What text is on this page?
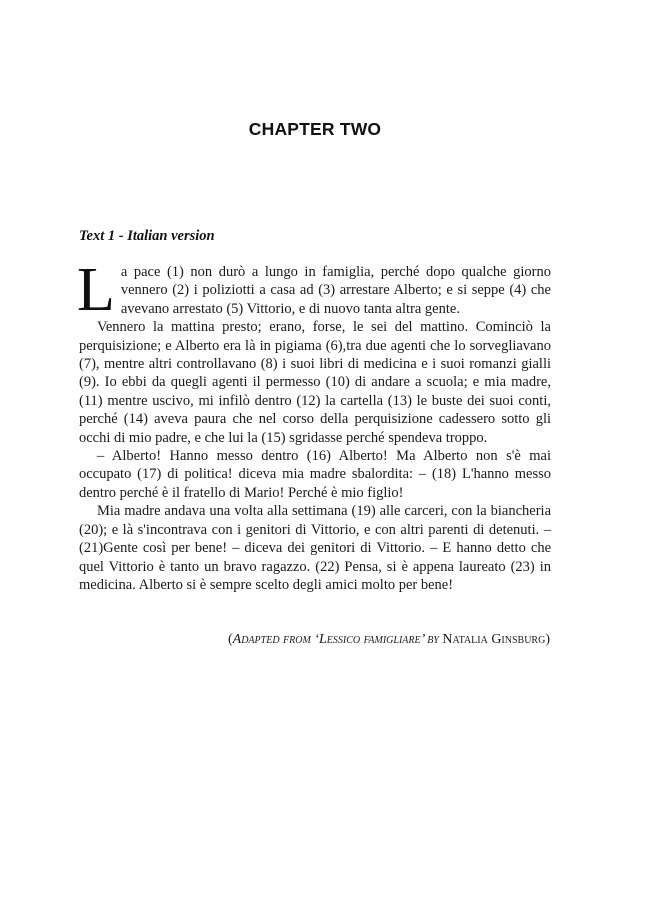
CHAPTER TWO
Text 1 - Italian version

La pace (1) non durò a lungo in famiglia, perché dopo qualche giorno vennero (2) i poliziotti a casa ad (3) arrestare Alberto; e si seppe (4) che avevano arrestato (5) Vittorio, e di nuovo tanta altra gente.

Vennero la mattina presto; erano, forse, le sei del mattino. Cominciò la perquisizione; e Alberto era là in pigiama (6),tra due agenti che lo sorvegliavano (7), mentre altri controllavano (8) i suoi libri di medicina e i suoi romanzi gialli (9). Io ebbi da quegli agenti il permesso (10) di andare a scuola; e mia madre, (11) mentre uscivo, mi infilò dentro (12) la cartella (13) le buste dei suoi conti, perché (14) aveva paura che nel corso della perquisizione cadessero sotto gli occhi di mio padre, e che lui la (15) sgridasse perché spendeva troppo.

– Alberto! Hanno messo dentro (16) Alberto! Ma Alberto non s'è mai occupato (17) di politica! diceva mia madre sbalordita: – (18) L'hanno messo dentro perché è il fratello di Mario! Perché è mio figlio!

Mia madre andava una volta alla settimana (19) alle carceri, con la biancheria (20); e là s'incontrava con i genitori di Vittorio, e con altri parenti di detenuti. – (21)Gente così per bene! – diceva dei genitori di Vittorio. – E hanno detto che quel Vittorio è tanto un bravo ragazzo. (22) Pensa, si è appena laureato (23) in medicina. Alberto si è sempre scelto degli amici molto per bene!

(Adapted from ‘Lessico famigliare’ by Natalia Ginsburg)
